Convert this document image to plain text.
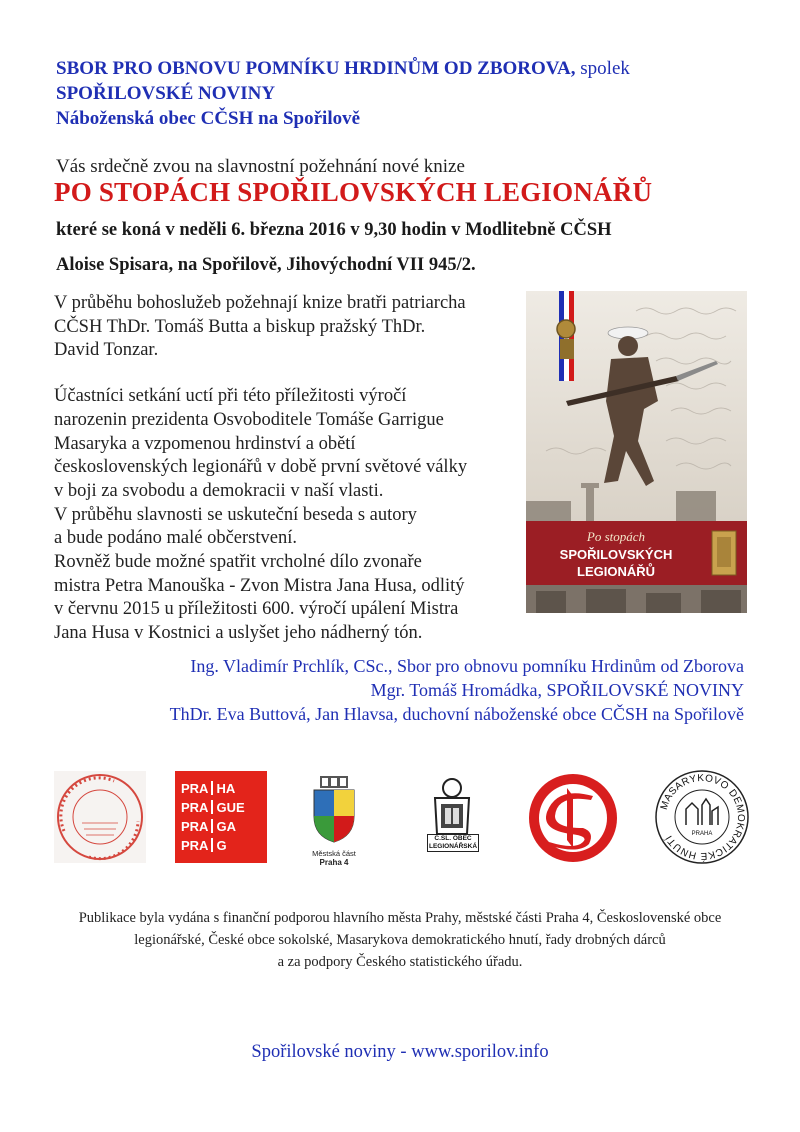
SBOR PRO OBNOVU POMNÍKU HRDINŮM OD ZBOROVA, spolek
SPOŘILOVSKÉ NOVINY
Náboženská obec CČSH na Spořilově
Vás srdečně zvou na slavnostní požehnání nové knize
PO STOPÁCH SPOŘILOVSKÝCH LEGIONÁŘŮ
které se koná v neděli 6. března 2016 v 9,30 hodin v Modlitebně CČSH
Aloise Spisara, na Spořilově, Jihovýchodní VII 945/2.

V průběhu bohoslužeb požehnají knize bratři patriarcha

CČSH ThDr. Tomáš Butta a biskup pražský ThDr.

David Tonzar.

Účastníci setkání uctí při této příležitosti výročí

narozenin prezidenta Osvoboditele Tomáše Garrigue

Masaryka a vzpomenou hrdinství a obětí

československých legionářů v době první světové války

v boji za svobodu a demokracii v naší vlasti.

V průběhu slavnosti se uskuteční beseda s autory

a bude podáno malé občerstvení.

Rovněž bude možné spatřit vrcholné dílo zvonaře

mistra Petra Manouška - Zvon Mistra Jana Husa, odlitý

v červnu 2015 u příležitosti 600. výročí upálení Mistra

Jana Husa v Kostnici a uslyšet jeho nádherný tón.

Po stopách
SPOŘILOVSKÝCH
LEGIONÁŘŮ
Ing. Vladimír Prchlík, CSc., Sbor pro obnovu pomníku Hrdinům od Zborova
Mgr. Tomáš Hromádka, SPOŘILOVSKÉ NOVINY
ThDr. Eva Buttová, Jan Hlavsa, duchovní náboženské obce CČSH na Spořilově
PRA HA
PRA GUE
PRA GA
PRA G
Městská část
Praha 4
Č.SL. OBEC
LEGIONÁŘSKÁ
MASARYKOVO DEMOKRATICKÉ HNUTÍ	PRAHA
Publikace byla vydána s finanční podporou hlavního města Prahy, městské části Praha 4, Československé obce
legionářské, České obce sokolské, Masarykova demokratického hnutí, řady drobných dárců
a za podpory Českého statistického úřadu.
Spořilovské noviny - www.sporilov.info
